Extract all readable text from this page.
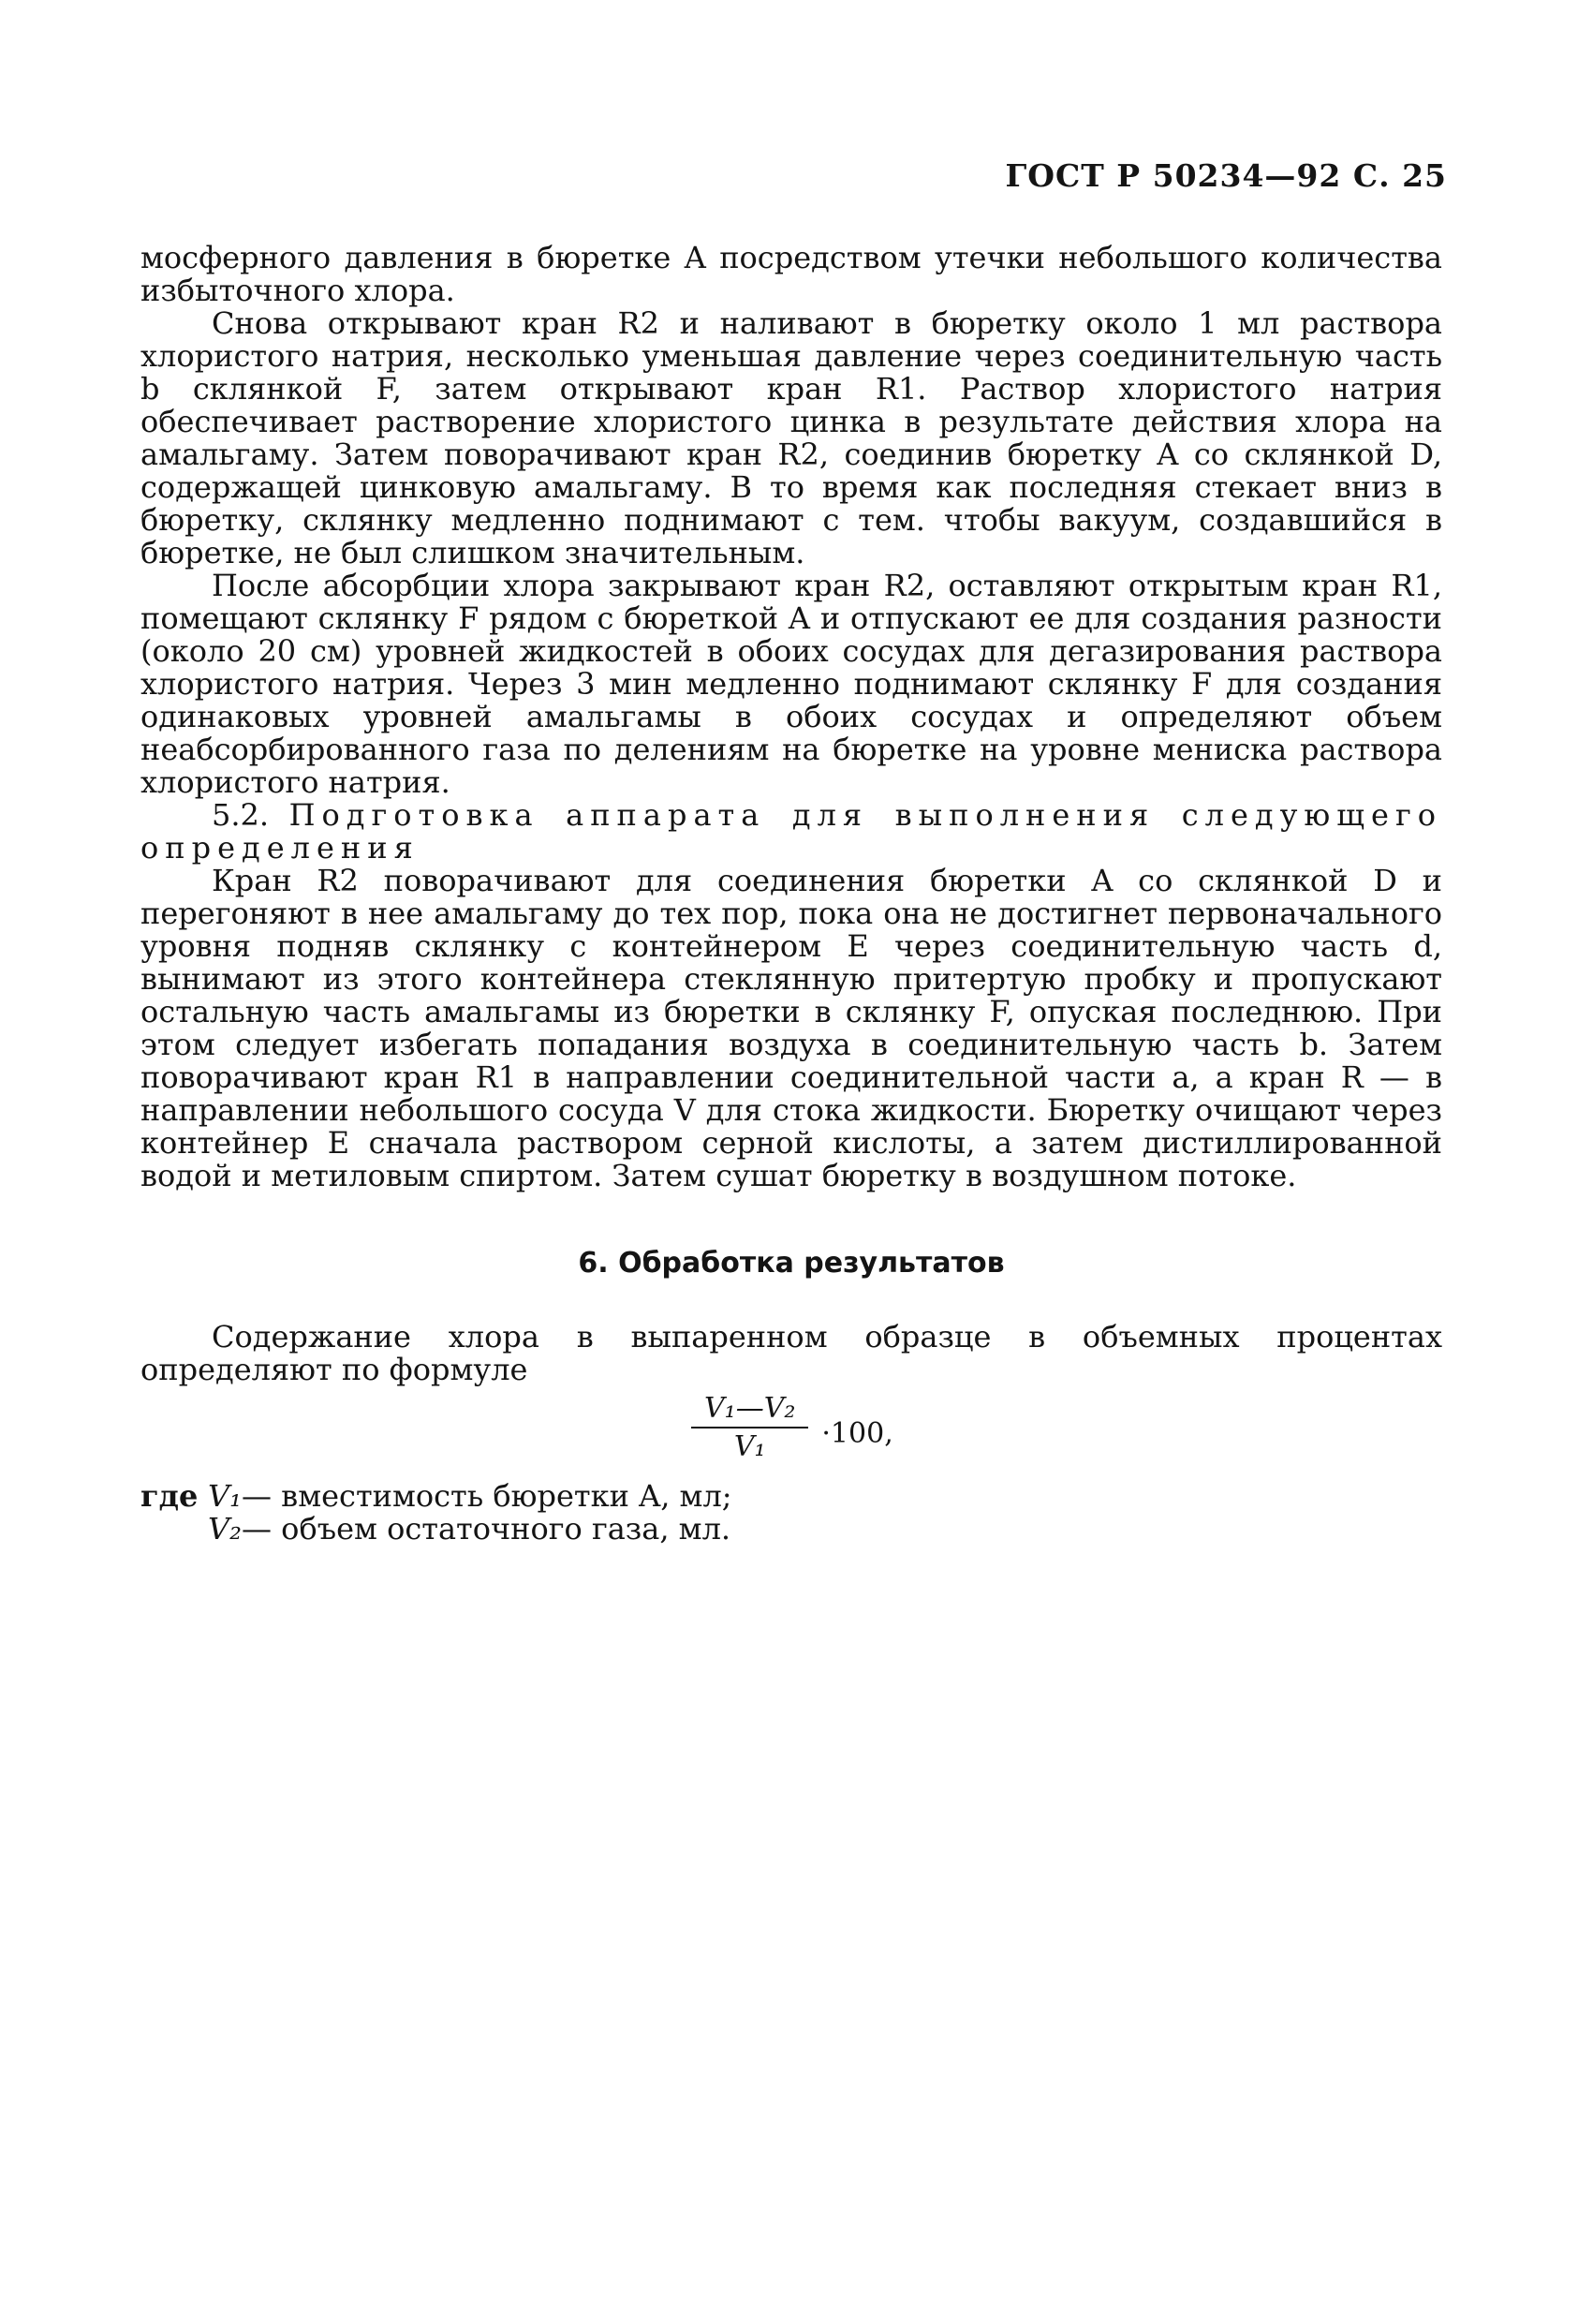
ГОСТ Р 50234—92 С. 25

мосферного давления в бюретке A посредством утечки небольшого количества избыточного хлора.

Снова открывают кран R2 и наливают в бюретку около 1 мл раствора хлористого натрия, несколько уменьшая давление через соединительную часть b склянкой F, затем открывают кран R1. Раствор хлористого натрия обеспечивает растворение хлористого цинка в результате действия хлора на амальгаму. Затем поворачивают кран R2, соединив бюретку A со склянкой D, содержащей цинковую амальгаму. В то время как последняя стекает вниз в бюретку, склянку медленно поднимают с тем. чтобы вакуум, создавшийся в бюретке, не был слишком значительным.

После абсорбции хлора закрывают кран R2, оставляют открытым кран R1, помещают склянку F рядом с бюреткой A и отпускают ее для создания разности (около 20 см) уровней жидкостей в обоих сосудах для дегазирования раствора хлористого натрия. Через 3 мин медленно поднимают склянку F для создания одинаковых уровней амальгамы в обоих сосудах и определяют объем неабсорбированного газа по делениям на бюретке на уровне мениска раствора хлористого натрия.

5.2. Подготовка аппарата для выполнения следующего определения

Кран R2 поворачивают для соединения бюретки A со склянкой D и перегоняют в нее амальгаму до тех пор, пока она не достигнет первоначального уровня подняв склянку с контейнером E через соединительную часть d, вынимают из этого контейнера стеклянную притертую пробку и пропускают остальную часть амальгамы из бюретки в склянку F, опуская последнюю. При этом следует избегать попадания воздуха в соединительную часть b. Затем поворачивают кран R1 в направлении соединительной части a, а кран R — в направлении небольшого сосуда V для стока жидкости. Бюретку очищают через контейнер E сначала раствором серной кислоты, а затем дистиллированной водой и метиловым спиртом. Затем сушат бюретку в воздушном потоке.

6. Обработка результатов

Содержание хлора в выпаренном образце в объемных процентах определяют по формуле

$\frac{\text{V₁—V₂}}{\text{V₁}} \cdot 100$,
где V₁ — вместимость бюретки A, мл;
V₂ — объем остаточного газа, мл.
